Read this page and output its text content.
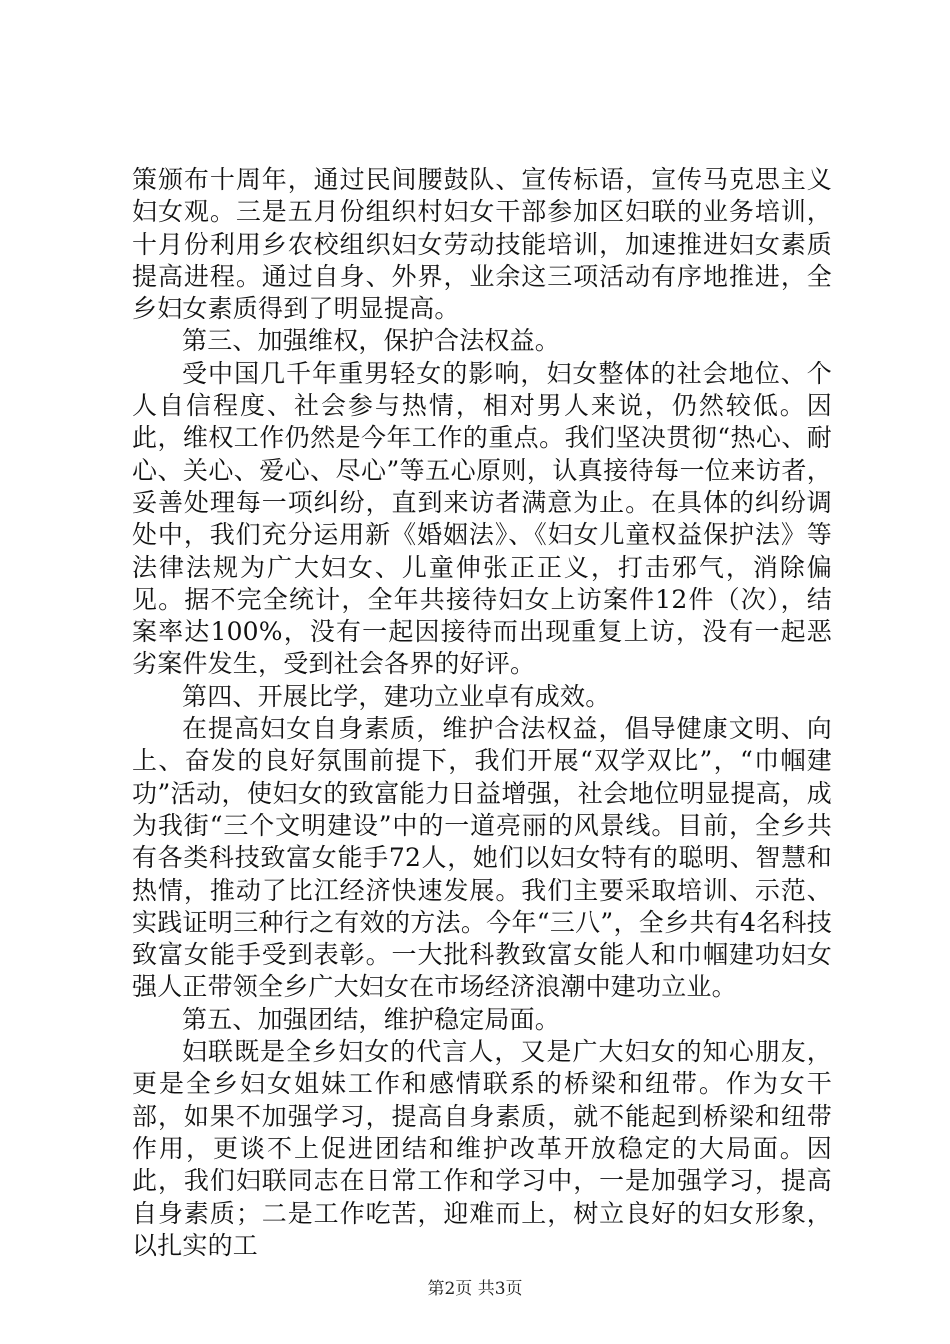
策颁布十周年，通过民间腰鼓队、宣传标语，宣传马克思主义妇女观。三是五月份组织村妇女干部参加区妇联的业务培训，十月份利用乡农校组织妇女劳动技能培训，加速推进妇女素质提高进程。通过自身、外界，业余这三项活动有序地推进，全乡妇女素质得到了明显提高。

第三、加强维权，保护合法权益。

受中国几千年重男轻女的影响，妇女整体的社会地位、个人自信程度、社会参与热情，相对男人来说，仍然较低。因此，维权工作仍然是今年工作的重点。我们坚决贯彻“热心、耐心、关心、爱心、尽心”等五心原则，认真接待每一位来访者，妥善处理每一项纠纷，直到来访者满意为止。在具体的纠纷调处中，我们充分运用新《婚姻法》、《妇女儿童权益保护法》等法律法规为广大妇女、儿童伸张正正义，打击邪气，消除偏见。据不完全统计，全年共接待妇女上访案件12件（次），结案率达100%，没有一起因接待而出现重复上访，没有一起恶劣案件发生，受到社会各界的好评。

第四、开展比学，建功立业卓有成效。

在提高妇女自身素质，维护合法权益，倡导健康文明、向上、奋发的良好氛围前提下，我们开展“双学双比”，“巾帼建功”活动，使妇女的致富能力日益增强，社会地位明显提高，成为我街“三个文明建设”中的一道亮丽的风景线。目前，全乡共有各类科技致富女能手72人，她们以妇女特有的聪明、智慧和热情，推动了比江经济快速发展。我们主要采取培训、示范、实践证明三种行之有效的方法。今年“三八”，全乡共有4名科技致富女能手受到表彰。一大批科教致富女能人和巾帼建功妇女强人正带领全乡广大妇女在市场经济浪潮中建功立业。

第五、加强团结，维护稳定局面。

妇联既是全乡妇女的代言人，又是广大妇女的知心朋友，更是全乡妇女姐妹工作和感情联系的桥梁和纽带。作为女干部，如果不加强学习，提高自身素质，就不能起到桥梁和纽带作用，更谈不上促进团结和维护改革开放稳定的大局面。因此，我们妇联同志在日常工作和学习中，一是加强学习，提高自身素质；二是工作吃苦，迎难而上，树立良好的妇女形象，以扎实的工

第2页 共3页
